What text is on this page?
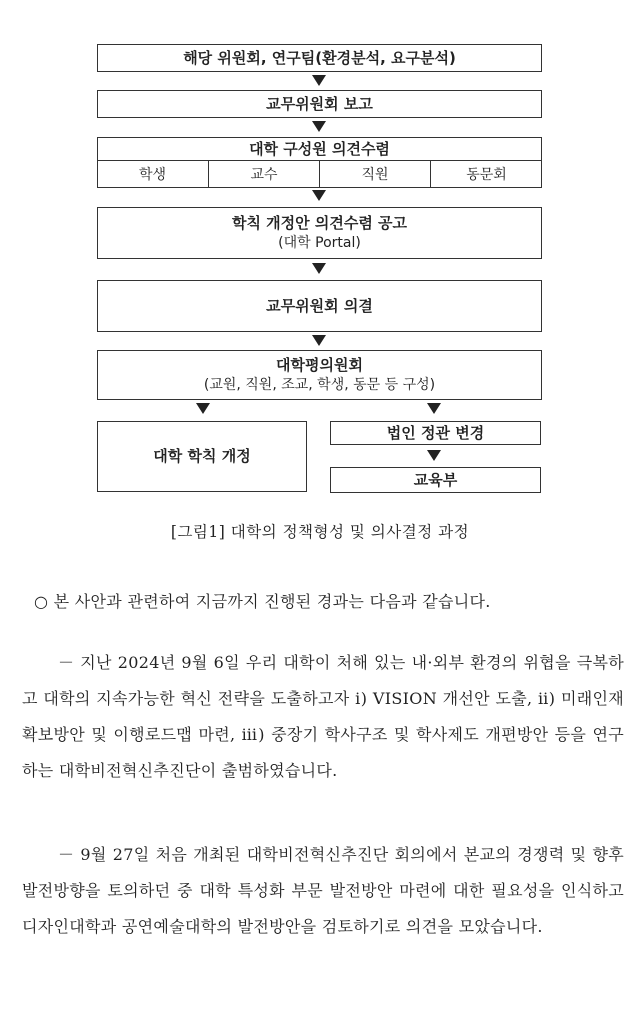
해당 위원회, 연구팀(환경분석, 요구분석)
교무위원회 보고
대학 구성원 의견수렴
학생	교수	직원	동문회
학칙 개정안 의견수렴 공고
(대학 Portal)
교무위원회 의결
대학평의원회
(교원, 직원, 조교, 학생, 동문 등 구성)
대학 학칙 개정
법인 정관 변경
교육부
[그림1] 대학의 정책형성 및 의사결정 과정
○ 본 사안과 관련하여 지금까지 진행된 경과는 다음과 같습니다.
－ 지난 2024년 9월 6일 우리 대학이 처해 있는 내·외부 환경의 위협을 극복하고 대학의 지속가능한 혁신 전략을 도출하고자 ⅰ) VISION 개선안 도출, ⅱ) 미래인재 확보방안 및 이행로드맵 마련, ⅲ) 중장기 학사구조 및 학사제도 개편방안 등을 연구하는 대학비전혁신추진단이 출범하였습니다.
－ 9월 27일 처음 개최된 대학비전혁신추진단 회의에서 본교의 경쟁력 및 향후 발전방향을 토의하던 중 대학 특성화 부문 발전방안 마련에 대한 필요성을 인식하고 디자인대학과 공연예술대학의 발전방안을 검토하기로 의견을 모았습니다.
